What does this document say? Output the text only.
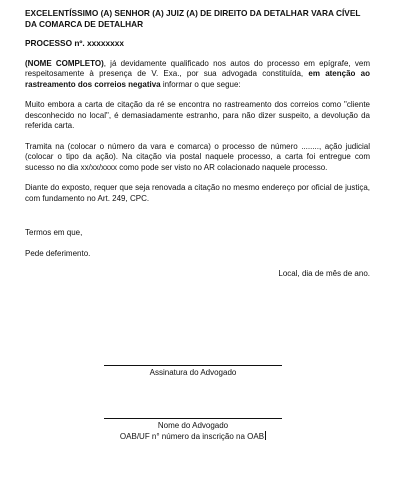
EXCELENTÍSSIMO (A) SENHOR (A) JUIZ (A) DE DIREITO DA DETALHAR VARA CÍVEL DA COMARCA DE DETALHAR
PROCESSO nº. xxxxxxxx

(NOME COMPLETO), já devidamente qualificado nos autos do processo em epígrafe, vem respeitosamente à presença de V. Exa., por sua advogada constituída, em atenção ao rastreamento dos correios negativa informar o que segue:

Muito embora a carta de citação da ré se encontra no rastreamento dos correios como "cliente desconhecido no local", é demasiadamente estranho, para não dizer suspeito, a devolução da referida carta.

Tramita na (colocar o número da vara e comarca) o processo de número ........, ação judicial (colocar o tipo da ação). Na citação via postal naquele processo, a carta foi entregue com sucesso no dia xx/xx/xxxx como pode ser visto no AR colacionado naquele processo.

Diante do exposto, requer que seja renovada a citação no mesmo endereço por oficial de justiça, com fundamento no Art. 249, CPC.

Termos em que,

Pede deferimento.

Local, dia de mês de ano.

Assinatura do Advogado
Nome do Advogado
OAB/UF n° número da inscrição na OAB
